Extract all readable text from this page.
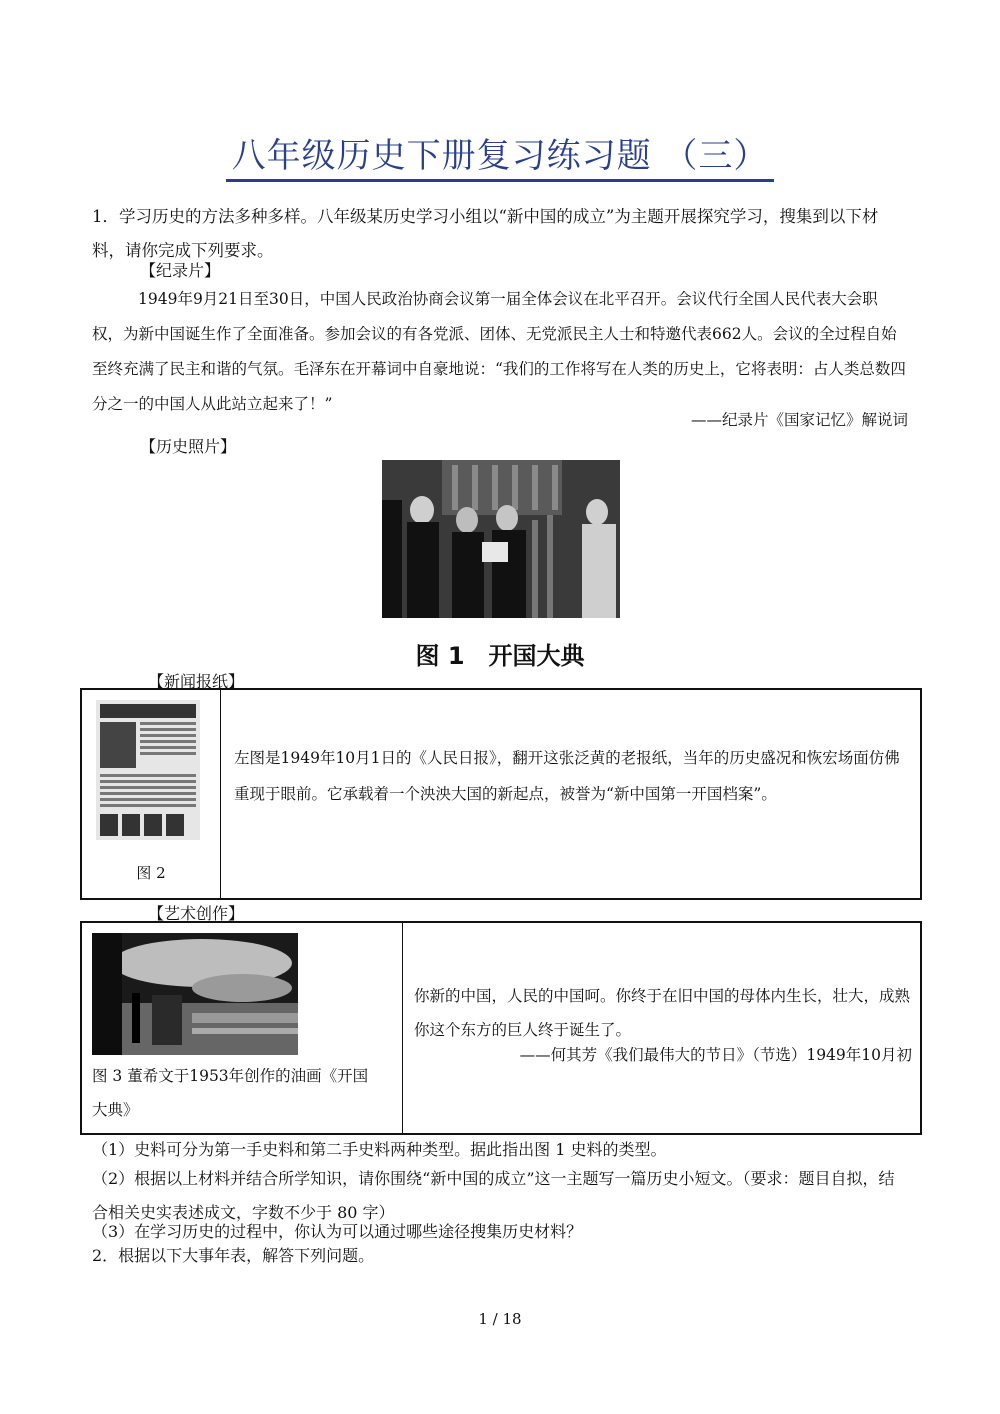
八年级历史下册复习练习题 （三）
1．学习历史的方法多种多样。八年级某历史学习小组以“新中国的成立”为主题开展探究学习，搜集到以下材料，请你完成下列要求。
【纪录片】
1949年9月21日至30日，中国人民政治协商会议第一届全体会议在北平召开。会议代行全国人民代表大会职权，为新中国诞生作了全面准备。参加会议的有各党派、团体、无党派民主人士和特邀代表662人。会议的全过程自始至终充满了民主和谐的气氛。毛泽东在开幕词中自豪地说：“我们的工作将写在人类的历史上，它将表明：占人类总数四分之一的中国人从此站立起来了！”
——纪录片《国家记忆》解说词
【历史照片】
图 1　开国大典
【新闻报纸】
图 2
左图是1949年10月1日的《人民日报》，翻开这张泛黄的老报纸，当年的历史盛况和恢宏场面仿佛重现于眼前。它承载着一个泱泱大国的新起点，被誉为“新中国第一开国档案”。
【艺术创作】
图 3 董希文于1953年创作的油画《开国大典》
你新的中国，人民的中国呵。你终于在旧中国的母体内生长，壮大，成熟你这个东方的巨人终于诞生了。
——何其芳《我们最伟大的节日》（节选）1949年10月初
（1）史料可分为第一手史料和第二手史料两种类型。据此指出图 1 史料的类型。
（2）根据以上材料并结合所学知识，请你围绕“新中国的成立”这一主题写一篇历史小短文。（要求：题目自拟，结合相关史实表述成文，字数不少于 80 字）
（3）在学习历史的过程中，你认为可以通过哪些途径搜集历史材料？
2．根据以下大事年表，解答下列问题。
1 / 18
